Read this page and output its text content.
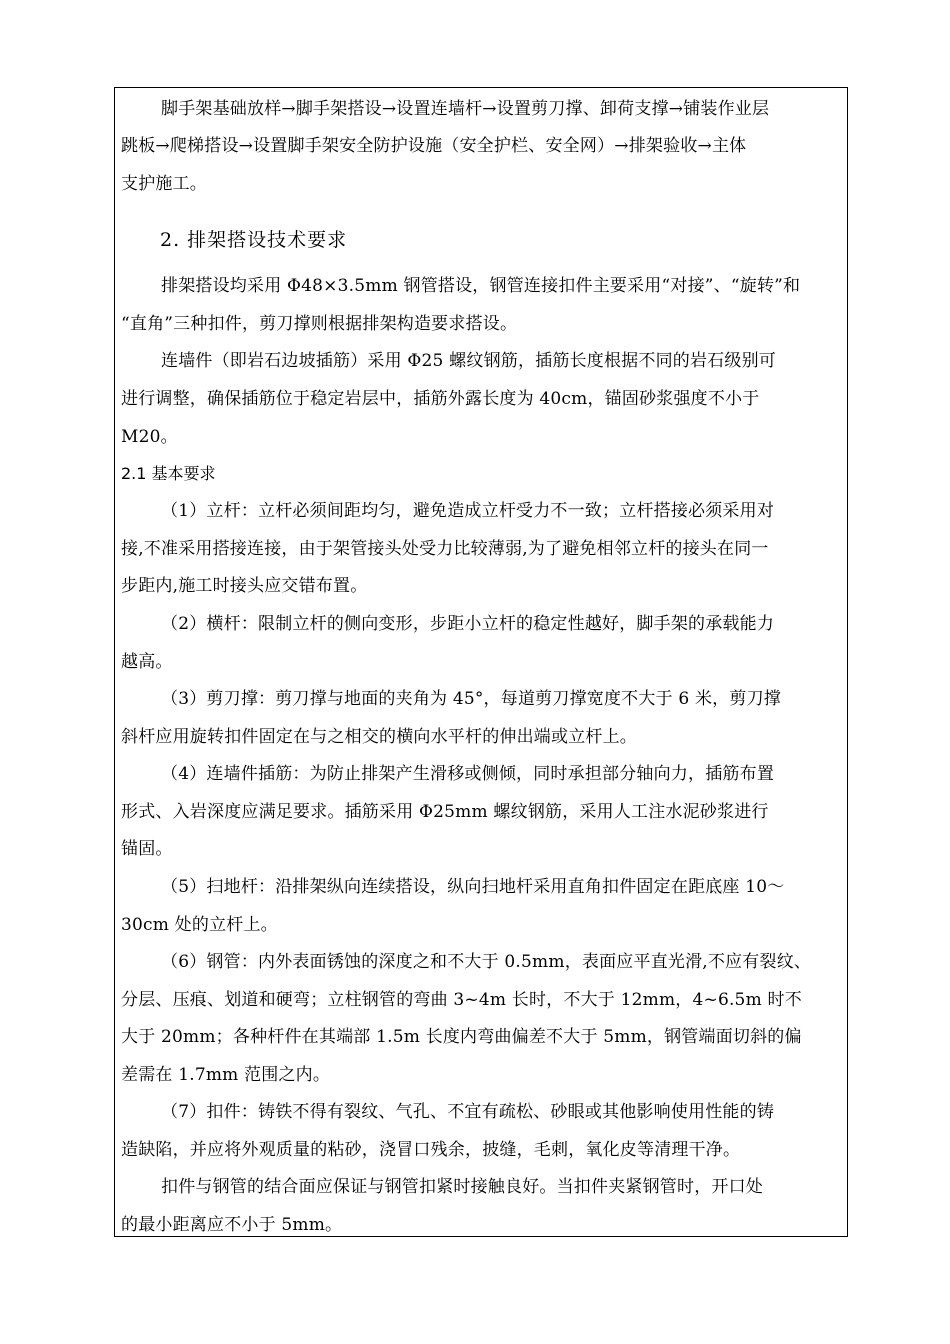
脚手架基础放样→脚手架搭设→设置连墙杆→设置剪刀撑、卸荷支撑→铺装作业层
跳板→爬梯搭设→设置脚手架安全防护设施（安全护栏、安全网）→排架验收→主体
支护施工。
2. 排架搭设技术要求
排架搭设均采用 Φ48×3.5mm 钢管搭设，钢管连接扣件主要采用“对接”、“旋转”和
“直角”三种扣件，剪刀撑则根据排架构造要求搭设。
连墙件（即岩石边坡插筋）采用 Φ25 螺纹钢筋，插筋长度根据不同的岩石级别可
进行调整，确保插筋位于稳定岩层中，插筋外露长度为 40cm，锚固砂浆强度不小于
M20。
2.1 基本要求
（1）立杆：立杆必须间距均匀，避免造成立杆受力不一致；立杆搭接必须采用对
接,不准采用搭接连接，由于架管接头处受力比较薄弱,为了避免相邻立杆的接头在同一
步距内,施工时接头应交错布置。
（2）横杆：限制立杆的侧向变形，步距小立杆的稳定性越好，脚手架的承载能力
越高。
（3）剪刀撑：剪刀撑与地面的夹角为 45°，每道剪刀撑宽度不大于 6 米，剪刀撑
斜杆应用旋转扣件固定在与之相交的横向水平杆的伸出端或立杆上。
（4）连墙件插筋：为防止排架产生滑移或侧倾，同时承担部分轴向力，插筋布置
形式、入岩深度应满足要求。插筋采用 Φ25mm 螺纹钢筋，采用人工注水泥砂浆进行
锚固。
（5）扫地杆：沿排架纵向连续搭设，纵向扫地杆采用直角扣件固定在距底座 10～
30cm 处的立杆上。
（6）钢管：内外表面锈蚀的深度之和不大于 0.5mm，表面应平直光滑,不应有裂纹、
分层、压痕、划道和硬弯；立柱钢管的弯曲 3~4m 长时，不大于 12mm，4~6.5m 时不
大于 20mm；各种杆件在其端部 1.5m 长度内弯曲偏差不大于 5mm，钢管端面切斜的偏
差需在 1.7mm 范围之内。
（7）扣件：铸铁不得有裂纹、气孔、不宜有疏松、砂眼或其他影响使用性能的铸
造缺陷，并应将外观质量的粘砂，浇冒口残余，披缝，毛刺，氧化皮等清理干净。
扣件与钢管的结合面应保证与钢管扣紧时接触良好。当扣件夹紧钢管时，开口处
的最小距离应不小于 5mm。
